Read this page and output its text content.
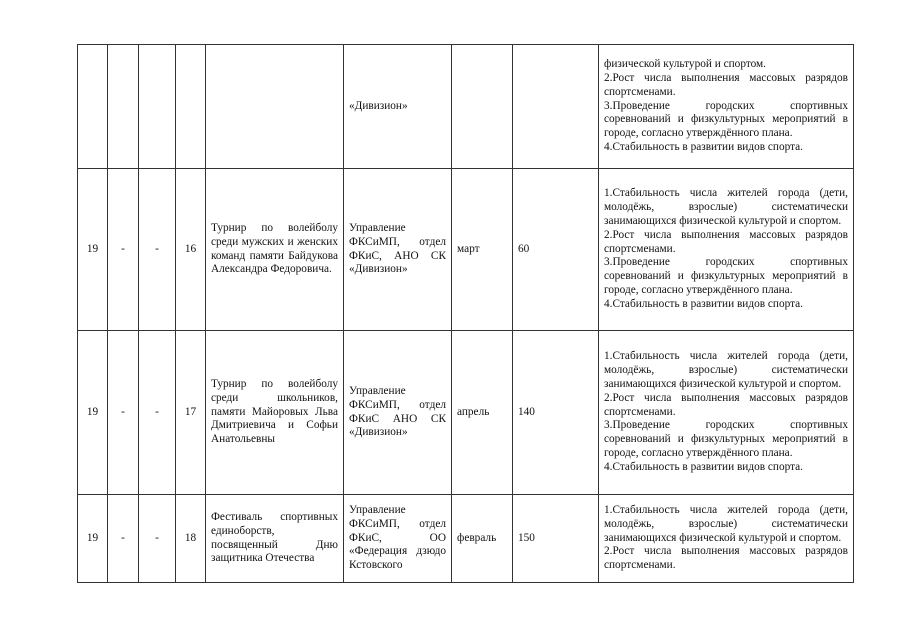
					«Дивизион»			физической культурой и спортом.
2.Рост числа выполнения массовых разрядов спортсменами.
3.Проведение городских спортивных соревнований и физкультурных мероприятий в городе, согласно утверждённого плана.
4.Стабильность в развитии видов спорта.

19	-	-	16	Турнир по волейболу среди мужских и женских команд памяти Байдукова Александра Федоровича.	Управление ФКСиМП, отдел ФКиС, АНО СК «Дивизион»	март	60	1.Стабильность числа жителей города (дети, молодёжь, взрослые) систематически занимающихся физической культурой и спортом.
2.Рост числа выполнения массовых разрядов спортсменами.
3.Проведение городских спортивных соревнований и физкультурных мероприятий в городе, согласно утверждённого плана.
4.Стабильность в развитии видов спорта.

19	-	-	17	Турнир по волейболу среди школьников, памяти Майоровых Льва Дмитриевича и Софьи Анатольевны	Управление ФКСиМП, отдел ФКиС АНО СК «Дивизион»	апрель	140	1.Стабильность числа жителей города (дети, молодёжь, взрослые) систематически занимающихся физической культурой и спортом.
2.Рост числа выполнения массовых разрядов спортсменами.
3.Проведение городских спортивных соревнований и физкультурных мероприятий в городе, согласно утверждённого плана.
4.Стабильность в развитии видов спорта.

19	-	-	18	Фестиваль спортивных единоборств, посвященный Дню защитника Отечества	Управление ФКСиМП, отдел ФКиС, ОО «Федерация дзюдо Кстовского	февраль	150	1.Стабильность числа жителей города (дети, молодёжь, взрослые) систематически занимающихся физической культурой и спортом.
2.Рост числа выполнения массовых разрядов спортсменами.
